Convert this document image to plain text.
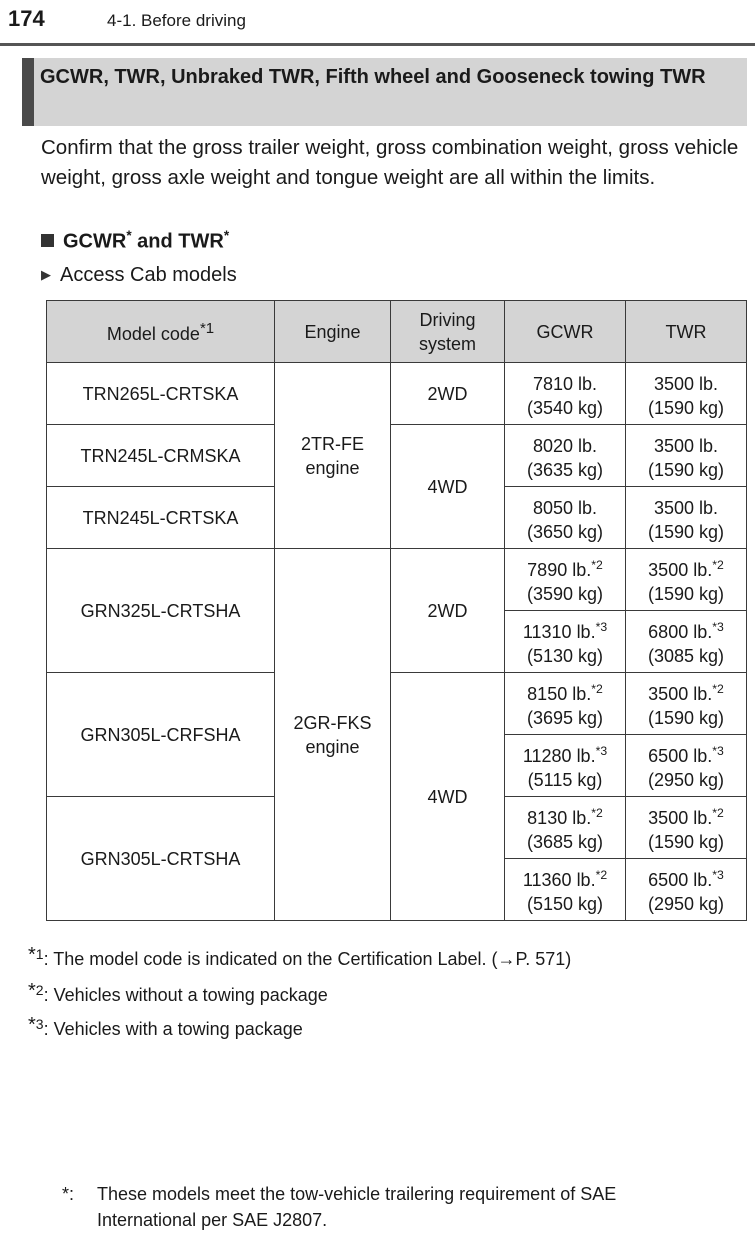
174	4-1. Before driving
GCWR, TWR, Unbraked TWR, Fifth wheel and Gooseneck towing TWR
Confirm that the gross trailer weight, gross combination weight, gross vehicle weight, gross axle weight and tongue weight are all within the limits.
GCWR* and TWR*
▶ Access Cab models
Model code$^{*1}$	Engine	Driving
system	GCWR	TWR
TRN265L-CRTSKA	2TR-FE
engine	2WD	7810 lb.
(3540 kg)	3500 lb.
(1590 kg)
TRN245L-CRMSKA		4WD	8020 lb.
(3635 kg)	3500 lb.
(1590 kg)
TRN245L-CRTSKA			8050 lb.
(3650 kg)	3500 lb.
(1590 kg)
GRN325L-CRTSHA	2GR-FKS
engine	2WD	7890 lb.$^{*2}$
(3590 kg)	3500 lb.$^{*2}$
(1590 kg)
			11310 lb.$^{*3}$
(5130 kg)	6800 lb.$^{*3}$
(3085 kg)
GRN305L-CRFSHA		4WD	8150 lb.$^{*2}$
(3695 kg)	3500 lb.$^{*2}$
(1590 kg)
			11280 lb.$^{*3}$
(5115 kg)	6500 lb.$^{*3}$
(2950 kg)
GRN305L-CRTSHA			8130 lb.$^{*2}$
(3685 kg)	3500 lb.$^{*2}$
(1590 kg)
			11360 lb.$^{*2}$
(5150 kg)	6500 lb.$^{*3}$
(2950 kg)
*$^1$: The model code is indicated on the Certification Label. (→P. 571)
*$^2$: Vehicles without a towing package
*$^3$: Vehicles with a towing package
*: These models meet the tow-vehicle trailering requirement of SAE
International per SAE J2807.
